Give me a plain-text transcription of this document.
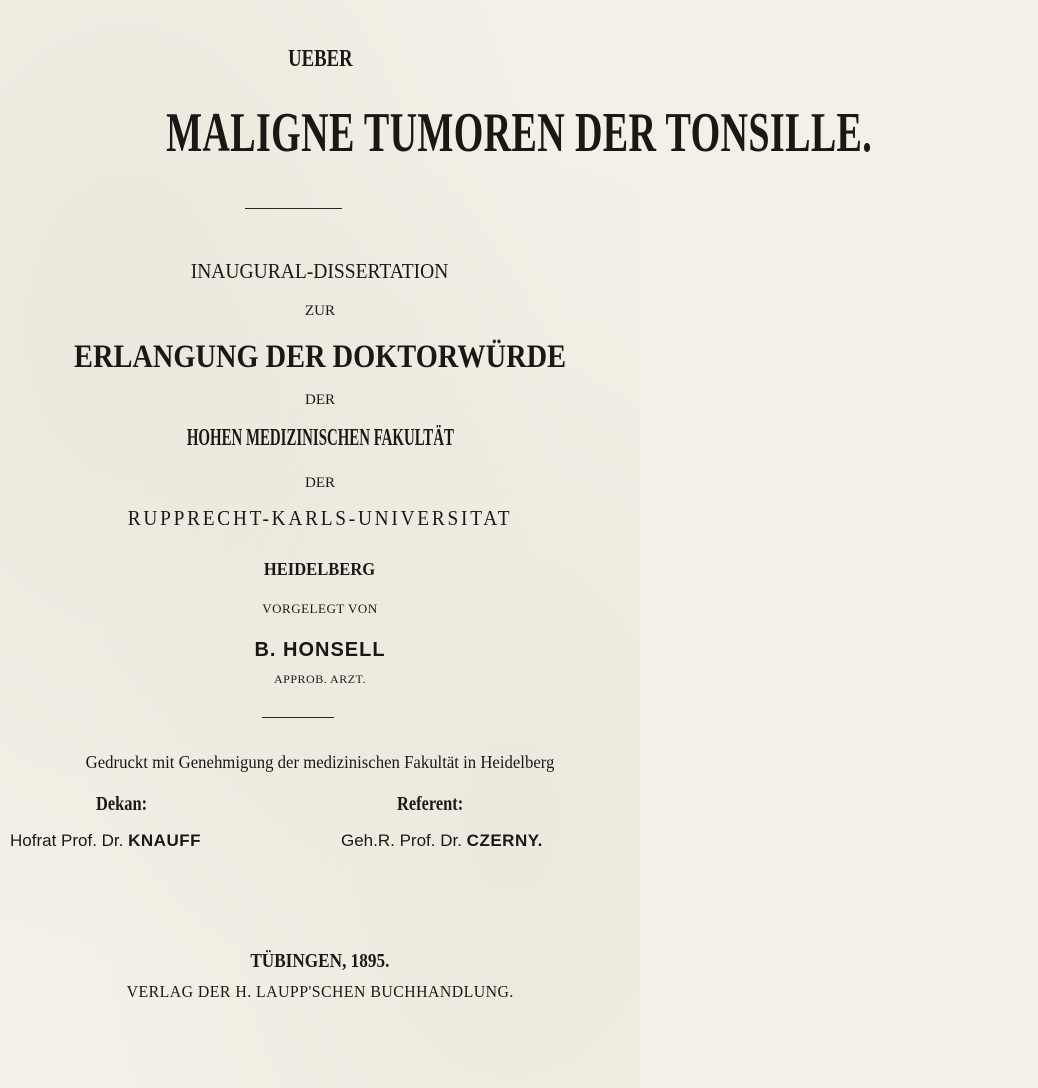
UEBER
MALIGNE TUMOREN DER TONSILLE.
INAUGURAL-DISSERTATION
ZUR
ERLANGUNG DER DOKTORWÜRDE
DER
HOHEN MEDIZINISCHEN FAKULTÄT
DER
RUPPRECHT-KARLS-UNIVERSITAT
HEIDELBERG
VORGELEGT VON
B. HONSELL
APPROB. ARZT.
Gedruckt mit Genehmigung der medizinischen Fakultät in Heidelberg
Dekan:	Referent:
Hofrat Prof. Dr. KNAUFF	Geh.R. Prof. Dr. CZERNY.
TÜBINGEN, 1895.
VERLAG DER H. LAUPP'SCHEN BUCHHANDLUNG.
